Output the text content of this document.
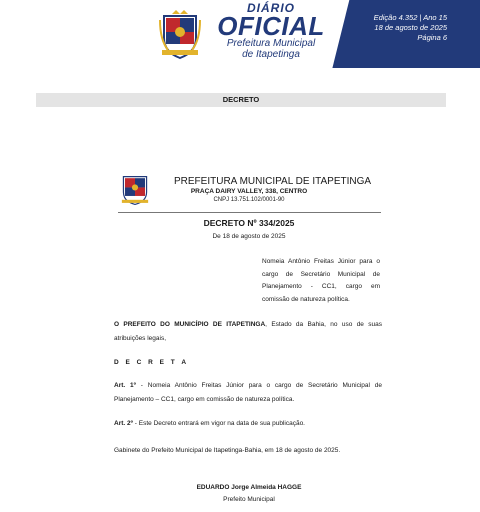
DIÁRIO
OFICIAL
Prefeitura Municipal
de Itapetinga
Edição 4.352 | Ano 15
18 de agosto de 2025
Página 6
DECRETO
PREFEITURA MUNICIPAL DE ITAPETINGA
PRAÇA DAIRY VALLEY, 338, CENTRO
CNPJ 13.751.102/0001-90
DECRETO Nº 334/2025
De 18 de agosto de 2025
Nomeia Antônio Freitas Júnior para o cargo de Secretário Municipal de Planejamento - CC1, cargo em comissão de natureza política.
O PREFEITO DO MUNICÍPIO DE ITAPETINGA, Estado da Bahia, no uso de suas atribuições legais,
D E C R E T A
Art. 1º - Nomeia Antônio Freitas Júnior para o cargo de Secretário Municipal de Planejamento – CC1, cargo em comissão de natureza política.
Art. 2º - Este Decreto entrará em vigor na data de sua publicação.
Gabinete do Prefeito Municipal de Itapetinga-Bahia, em 18 de agosto de 2025.
EDUARDO Jorge Almeida HAGGE
Prefeito Municipal
